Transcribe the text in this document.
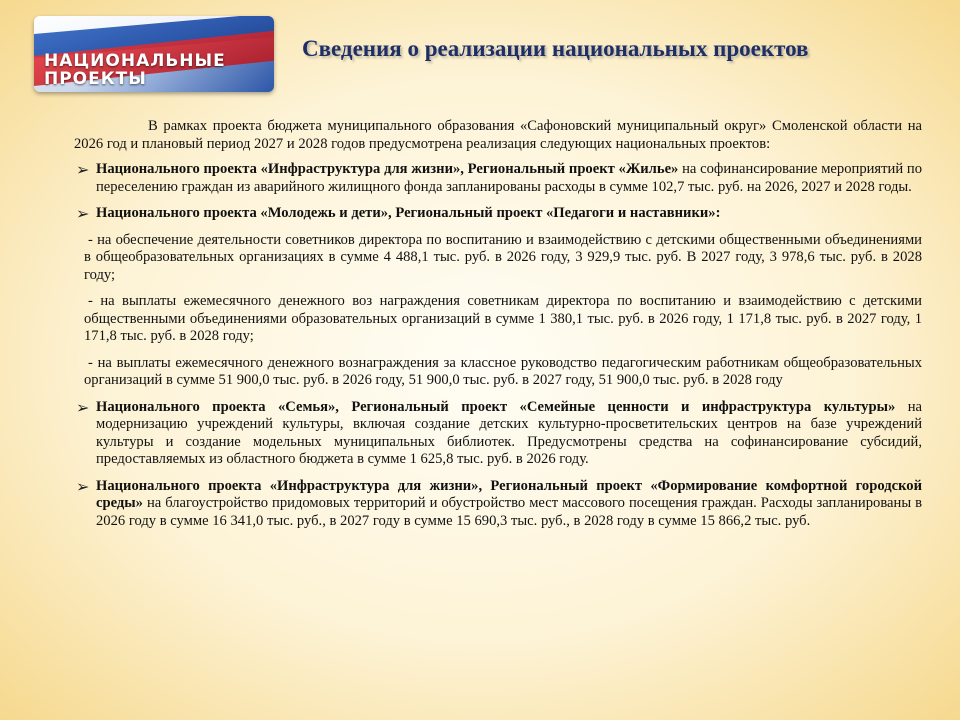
НАЦИОНАЛЬНЫЕ
ПРОЕКТЫ
Сведения о реализации национальных проектов

В рамках проекта бюджета муниципального образования «Сафоновский муниципальный округ» Смоленской области на 2026 год и плановый период 2027 и 2028 годов предусмотрена реализация следующих национальных проектов:

➢ Национального проекта «Инфраструктура для жизни», Региональный проект «Жилье» на софинансирование мероприятий по переселению граждан из аварийного жилищного фонда запланированы расходы в сумме 102,7 тыс. руб. на 2026, 2027 и 2028 годы.

➢ Национального проекта «Молодежь и дети», Региональный проект «Педагоги и наставники»:

- на обеспечение деятельности советников директора по воспитанию и взаимодействию с детскими общественными объединениями в общеобразовательных организациях в сумме 4 488,1 тыс. руб. в 2026 году, 3 929,9 тыс. руб. В 2027 году, 3 978,6 тыс. руб. в 2028 году;

- на выплаты ежемесячного денежного воз награждения советникам директора по воспитанию и взаимодействию с детскими общественными объединениями образовательных организаций в сумме 1 380,1 тыс. руб. в 2026 году, 1 171,8 тыс. руб. в 2027 году, 1 171,8 тыс. руб. в 2028 году;

- на выплаты ежемесячного денежного вознаграждения за классное руководство педагогическим работникам общеобразовательных организаций в сумме 51 900,0 тыс. руб. в 2026 году, 51 900,0 тыс. руб. в 2027 году, 51 900,0 тыс. руб. в 2028 году

➢ Национального проекта «Семья», Региональный проект «Семейные ценности и инфраструктура культуры» на модернизацию учреждений культуры, включая создание детских культурно-просветительских центров на базе учреждений культуры и создание модельных муниципальных библиотек. Предусмотрены средства на софинансирование субсидий, предоставляемых из областного бюджета в сумме 1 625,8 тыс. руб. в 2026 году.

➢ Национального проекта «Инфраструктура для жизни», Региональный проект «Формирование комфортной городской среды» на благоустройство придомовых территорий и обустройство мест массового посещения граждан. Расходы запланированы в 2026 году в сумме 16 341,0 тыс. руб., в 2027 году в сумме 15 690,3 тыс. руб., в 2028 году в сумме 15 866,2 тыс. руб.
